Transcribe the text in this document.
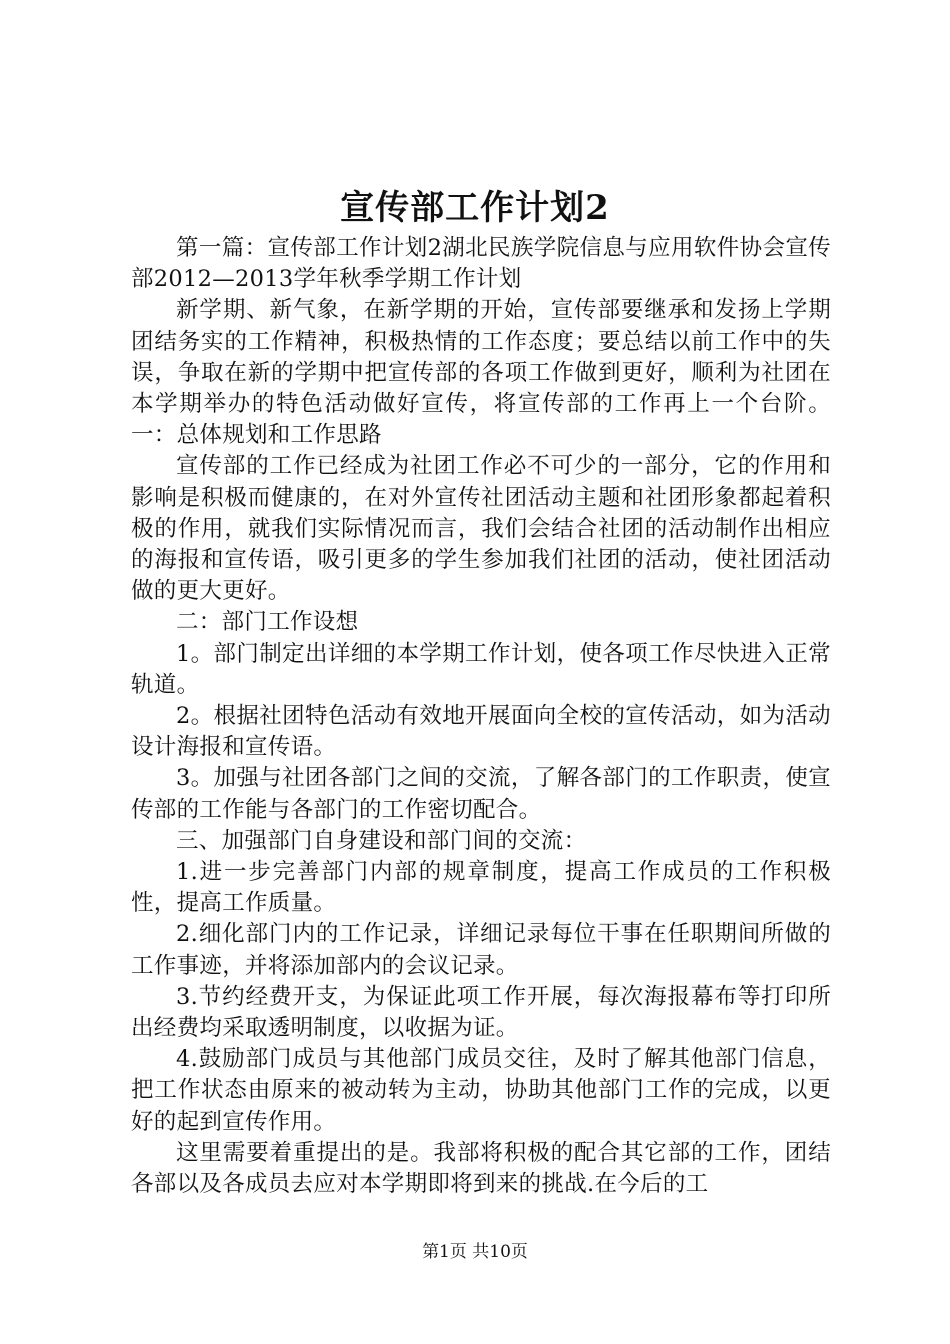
宣传部工作计划2

第一篇：宣传部工作计划2湖北民族学院信息与应用软件协会宣传部2012—2013学年秋季学期工作计划

新学期、新气象，在新学期的开始，宣传部要继承和发扬上学期团结务实的工作精神，积极热情的工作态度；要总结以前工作中的失误，争取在新的学期中把宣传部的各项工作做到更好，顺利为社团在本学期举办的特色活动做好宣传，将宣传部的工作再上一个台阶。一：总体规划和工作思路

宣传部的工作已经成为社团工作必不可少的一部分，它的作用和影响是积极而健康的，在对外宣传社团活动主题和社团形象都起着积极的作用，就我们实际情况而言，我们会结合社团的活动制作出相应的海报和宣传语，吸引更多的学生参加我们社团的活动，使社团活动做的更大更好。

二：部门工作设想

1。部门制定出详细的本学期工作计划，使各项工作尽快进入正常轨道。

2。根据社团特色活动有效地开展面向全校的宣传活动，如为活动设计海报和宣传语。

3。加强与社团各部门之间的交流，了解各部门的工作职责，使宣传部的工作能与各部门的工作密切配合。

三、加强部门自身建设和部门间的交流：

1.进一步完善部门内部的规章制度，提高工作成员的工作积极性，提高工作质量。

2.细化部门内的工作记录，详细记录每位干事在任职期间所做的工作事迹，并将添加部内的会议记录。

3.节约经费开支，为保证此项工作开展，每次海报幕布等打印所出经费均采取透明制度，以收据为证。

4.鼓励部门成员与其他部门成员交往，及时了解其他部门信息，把工作状态由原来的被动转为主动，协助其他部门工作的完成，以更好的起到宣传作用。

这里需要着重提出的是。我部将积极的配合其它部的工作，团结各部以及各成员去应对本学期即将到来的挑战.在今后的工

第1页 共10页
